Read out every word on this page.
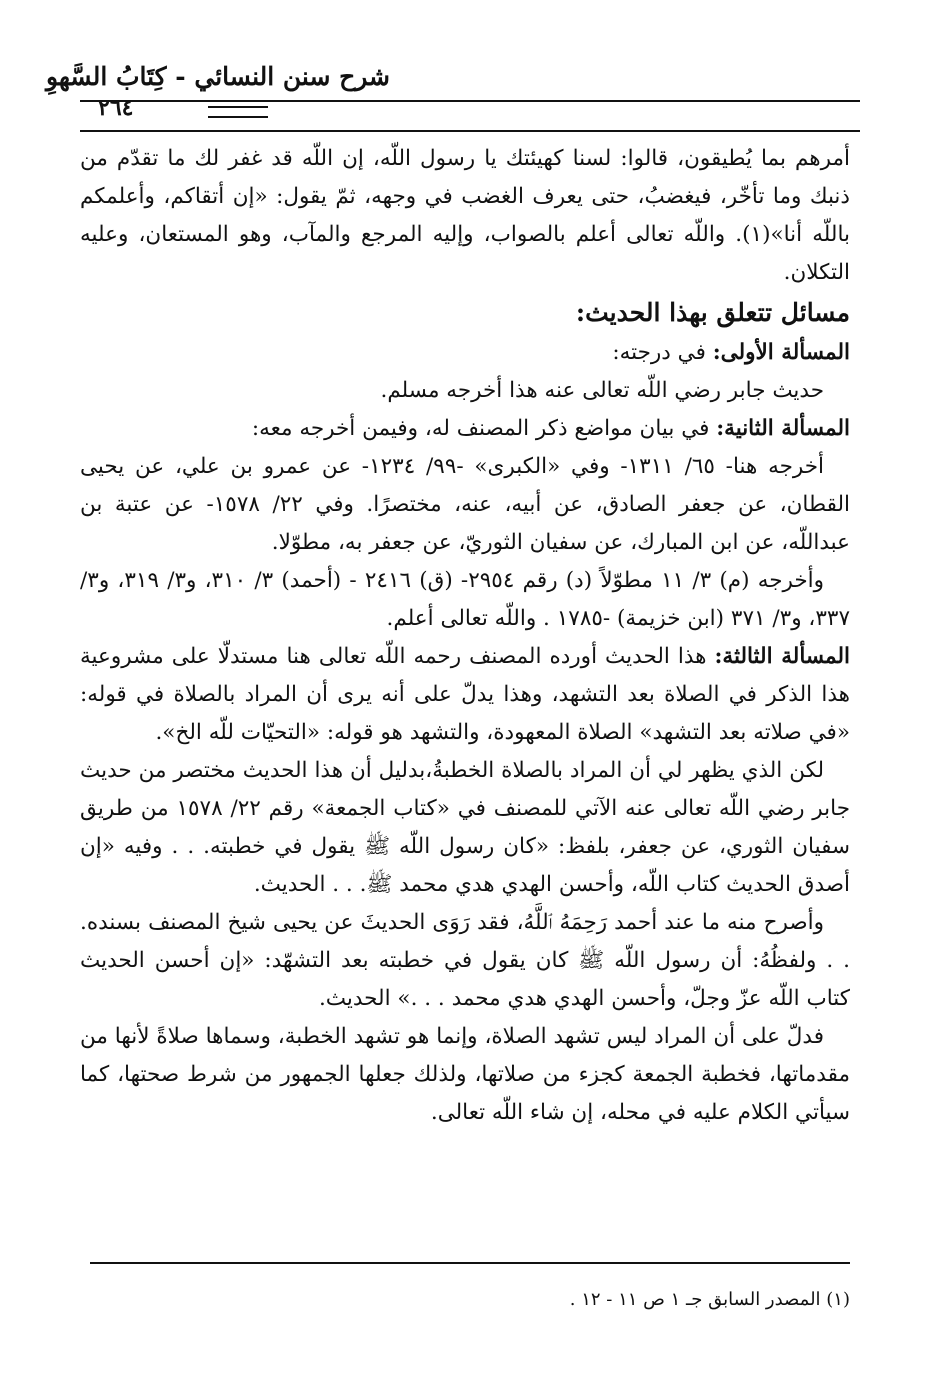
شرح سنن النسائي - كِتَابُ السَّهوِ
٢٦٤

أمرهم بما يُطيقون، قالوا: لسنا كهيئتك يا رسول اللّه، إن اللّه قد غفر لك ما تقدّم من ذنبك وما تأخّر، فيغضبُ، حتى يعرف الغضب في وجهه، ثمّ يقول: «إن أتقاكم، وأعلمكم باللّه أنا»(١). واللّه تعالى أعلم بالصواب، وإليه المرجع والمآب، وهو المستعان، وعليه التكلان.

مسائل تتعلق بهذا الحديث:

المسألة الأولى: في درجته:

حديث جابر رضي اللّه تعالى عنه هذا أخرجه مسلم.

المسألة الثانية: في بيان مواضع ذكر المصنف له، وفيمن أخرجه معه:

أخرجه هنا- ٦٥/ ١٣١١- وفي «الكبرى» -٩٩/ ١٢٣٤- عن عمرو بن علي، عن يحيى القطان، عن جعفر الصادق، عن أبيه، عنه، مختصرًا. وفي ٢٢/ ١٥٧٨- عن عتبة بن عبداللّه، عن ابن المبارك، عن سفيان الثوريّ، عن جعفر به، مطوّلا.

وأخرجه (م) ٣/ ١١ مطوّلاً (د) رقم ٢٩٥٤- (ق) ٢٤١٦ - (أحمد) ٣/ ٣١٠، و٣/ ٣١٩، و٣/ ٣٣٧، و٣/ ٣٧١ (ابن خزيمة) -١٧٨٥ . واللّه تعالى أعلم.

المسألة الثالثة: هذا الحديث أورده المصنف رحمه اللّه تعالى هنا مستدلّا على مشروعية هذا الذكر في الصلاة بعد التشهد، وهذا يدلّ على أنه يرى أن المراد بالصلاة في قوله: «في صلاته بعد التشهد» الصلاة المعهودة، والتشهد هو قوله: «التحيّات للّه الخ».

لكن الذي يظهر لي أن المراد بالصلاة الخطبةُ،بدليل أن هذا الحديث مختصر من حديث جابر رضي اللّه تعالى عنه الآتي للمصنف في «كتاب الجمعة» رقم ٢٢/ ١٥٧٨ من طريق سفيان الثوري، عن جعفر، بلفظ: «كان رسول اللّه ﷺ يقول في خطبته. . . وفيه «إن أصدق الحديث كتاب اللّه، وأحسن الهدي هدي محمد ﷺ. . . الحديث.

وأصرح منه ما عند أحمد رَحِمَهُ ٱللَّهُ، فقد رَوَى الحديثَ عن يحيى شيخ المصنف بسنده. . . ولفظُهُ: أن رسول اللّه ﷺ كان يقول في خطبته بعد التشهّد: «إن أحسن الحديث كتاب اللّه عزّ وجلّ، وأحسن الهدي هدي محمد . . .» الحديث.

فدلّ على أن المراد ليس تشهد الصلاة، وإنما هو تشهد الخطبة، وسماها صلاةً لأنها من مقدماتها، فخطبة الجمعة كجزء من صلاتها، ولذلك جعلها الجمهور من شرط صحتها، كما سيأتي الكلام عليه في محله، إن شاء اللّه تعالى.

(١) المصدر السابق جـ ١ ص ١١ - ١٢ .
